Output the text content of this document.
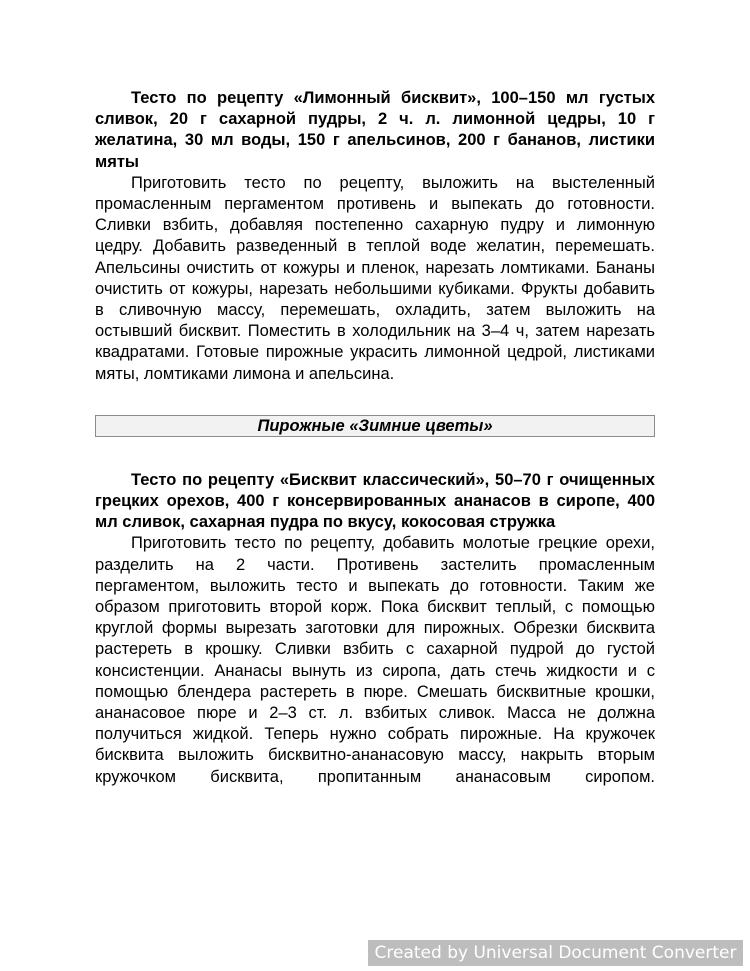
Тесто по рецепту «Лимонный бисквит», 100–150 мл густых сливок, 20 г сахарной пудры, 2 ч. л. лимонной цедры, 10 г желатина, 30 мл воды, 150 г апельсинов, 200 г бананов, листики мяты

Приготовить тесто по рецепту, выложить на выстеленный промасленным пергаментом противень и выпекать до готовности. Сливки взбить, добавляя постепенно сахарную пудру и лимонную цедру. Добавить разведенный в теплой воде желатин, перемешать. Апельсины очистить от кожуры и пленок, нарезать ломтиками. Бананы очистить от кожуры, нарезать небольшими кубиками. Фрукты добавить в сливочную массу, перемешать, охладить, затем выложить на остывший бисквит. Поместить в холодильник на 3–4 ч, затем нарезать квадратами. Готовые пирожные украсить лимонной цедрой, листиками мяты, ломтиками лимона и апельсина.

Пирожные «Зимние цветы»

Тесто по рецепту «Бисквит классический», 50–70 г очищенных грецких орехов, 400 г консервированных ананасов в сиропе, 400 мл сливок, сахарная пудра по вкусу, кокосовая стружка

Приготовить тесто по рецепту, добавить молотые грецкие орехи, разделить на 2 части. Противень застелить промасленным пергаментом, выложить тесто и выпекать до готовности. Таким же образом приготовить второй корж. Пока бисквит теплый, с помощью круглой формы вырезать заготовки для пирожных. Обрезки бисквита растереть в крошку. Сливки взбить с сахарной пудрой до густой консистенции. Ананасы вынуть из сиропа, дать стечь жидкости и с помощью блендера растереть в пюре. Смешать бисквитные крошки, ананасовое пюре и 2–3 ст. л. взбитых сливок. Масса не должна получиться жидкой. Теперь нужно собрать пирожные. На кружочек бисквита выложить бисквитно-ананасовую массу, накрыть вторым кружочком бисквита, пропитанным ананасовым сиропом.

Created by Universal Document Converter
